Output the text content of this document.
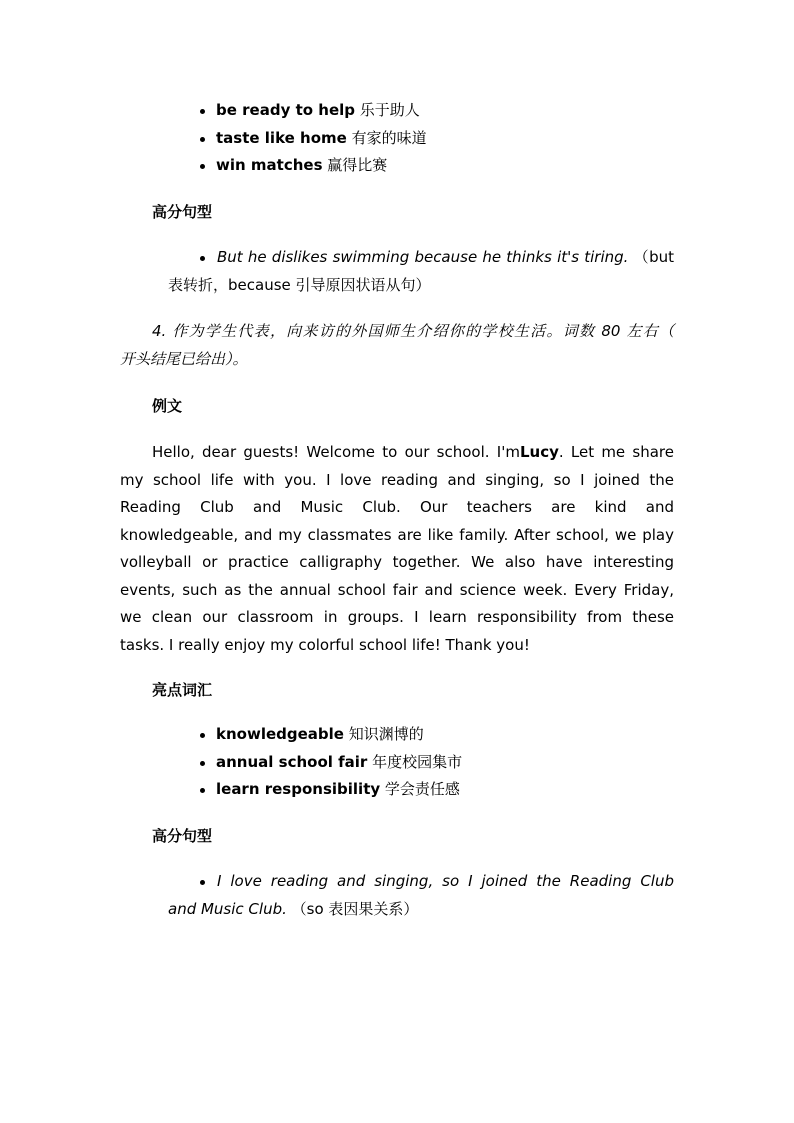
be ready to help 乐于助人
taste like home 有家的味道
win matches 赢得比赛
高分句型
But he dislikes swimming because he thinks it's tiring. （but
表转折，because 引导原因状语从句）
4. 作为学生代表，向来访的外国师生介绍你的学校生活。词数 80 左右（
开头结尾已给出）。
例文
Hello, dear guests! Welcome to our school. I'mLucy. Let me share
my school life with you. I love reading and singing, so I joined the
Reading Club and Music Club. Our teachers are kind and
knowledgeable, and my classmates are like family. After school, we play
volleyball or practice calligraphy together. We also have interesting
events, such as the annual school fair and science week. Every Friday,
we clean our classroom in groups. I learn responsibility from these
tasks. I really enjoy my colorful school life! Thank you!
亮点词汇
knowledgeable 知识渊博的
annual school fair 年度校园集市
learn responsibility 学会责任感
高分句型
I love reading and singing, so I joined the Reading Club
and Music Club. （so 表因果关系）
